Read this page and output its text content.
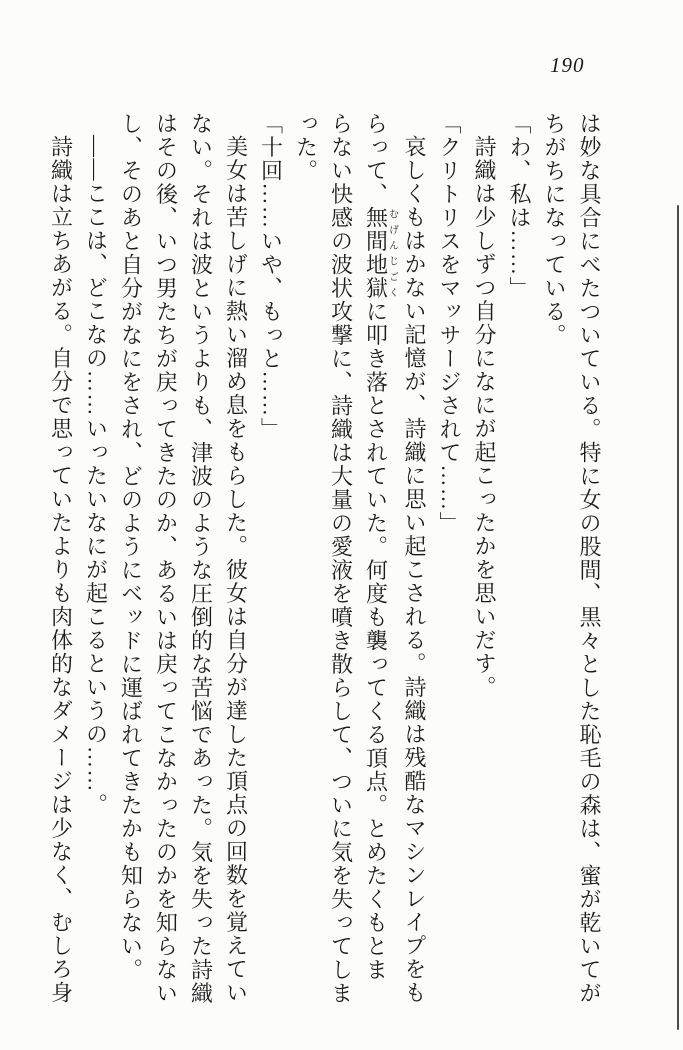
190
は妙な具合にべたついている。特に女の股間、黒々とした恥毛の森は、蜜が乾いてが
ちがちになっている。
「わ、私は……」
詩織は少しずつ自分になにが起こったかを思いだす。
「クリトリスをマッサージされて……」
哀しくもはかない記憶が、詩織に思い起こされる。詩織は残酷なマシンレイプをも
らって、無間地獄むげんじごくに叩き落とされていた。何度も襲ってくる頂点。とめたくもとま
らない快感の波状攻撃に、詩織は大量の愛液を噴き散らして、ついに気を失ってしま
った。
「十回……いや、もっと……」
美女は苦しげに熱い溜め息をもらした。彼女は自分が達した頂点の回数を覚えてい
ない。それは波というよりも、津波のような圧倒的な苦悩であった。気を失った詩織
はその後、いつ男たちが戻ってきたのか、あるいは戻ってこなかったのかを知らない
し、そのあと自分がなにをされ、どのようにベッドに運ばれてきたかも知らない。
――ここは、どこなの……いったいなにが起こるというの……。
詩織は立ちあがる。自分で思っていたよりも肉体的なダメージは少なく、むしろ身
